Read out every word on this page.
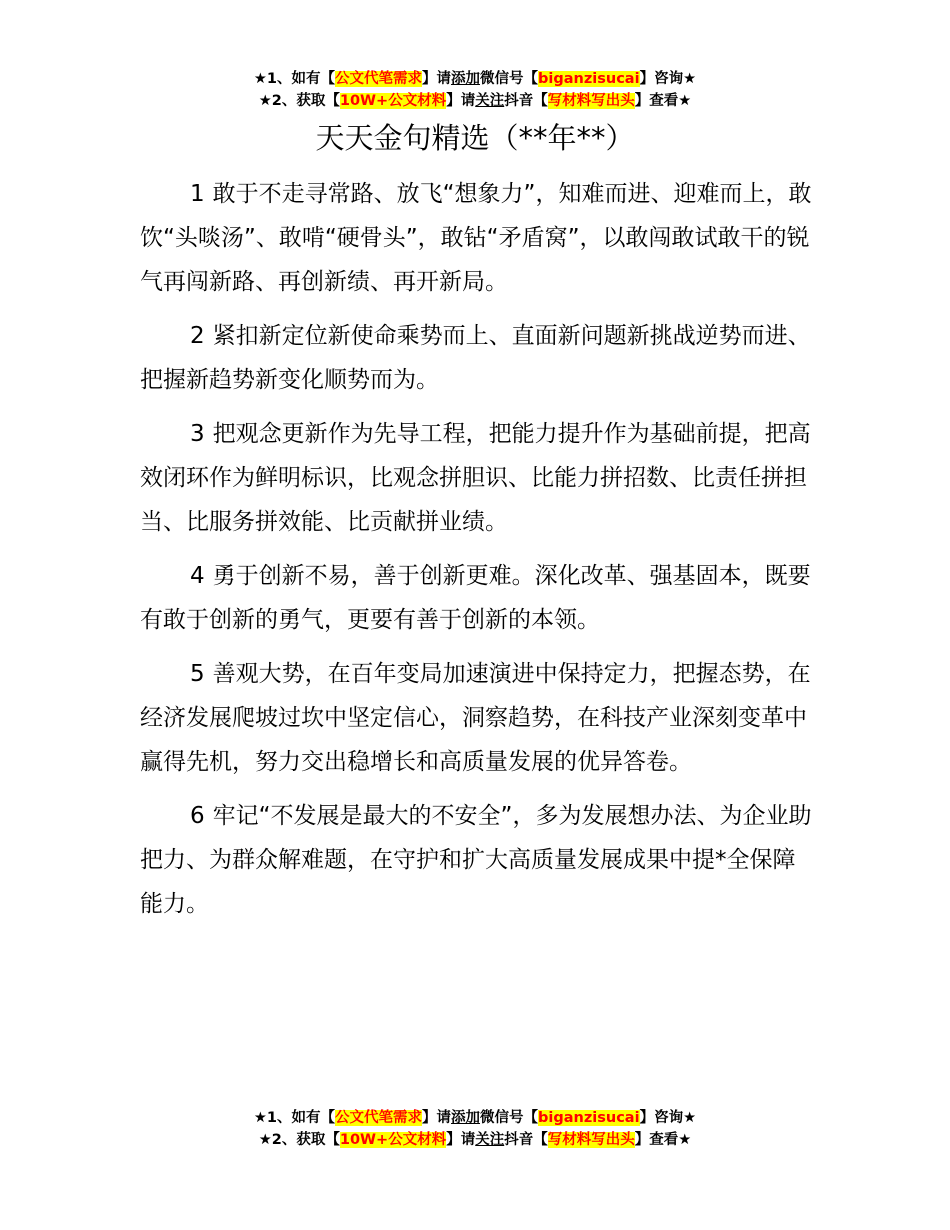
★1、如有【公文代笔需求】请添加微信号【biganzisucai】咨询★
★2、获取【10W+公文材料】请关注抖音【写材料写出头】查看★
天天金句精选（**年**）

1 敢于不走寻常路、放飞“想象力”，知难而进、迎难而上，敢饮“头啖汤”、敢啃“硬骨头”，敢钻“矛盾窝”，以敢闯敢试敢干的锐气再闯新路、再创新绩、再开新局。

2 紧扣新定位新使命乘势而上、直面新问题新挑战逆势而进、把握新趋势新变化顺势而为。

3 把观念更新作为先导工程，把能力提升作为基础前提，把高效闭环作为鲜明标识，比观念拼胆识、比能力拼招数、比责任拼担当、比服务拼效能、比贡献拼业绩。

4 勇于创新不易，善于创新更难。深化改革、强基固本，既要有敢于创新的勇气，更要有善于创新的本领。

5 善观大势，在百年变局加速演进中保持定力，把握态势，在经济发展爬坡过坎中坚定信心，洞察趋势，在科技产业深刻变革中赢得先机，努力交出稳增长和高质量发展的优异答卷。

6 牢记“不发展是最大的不安全”，多为发展想办法、为企业助把力、为群众解难题，在守护和扩大高质量发展成果中提*全保障能力。

★1、如有【公文代笔需求】请添加微信号【biganzisucai】咨询★
★2、获取【10W+公文材料】请关注抖音【写材料写出头】查看★
